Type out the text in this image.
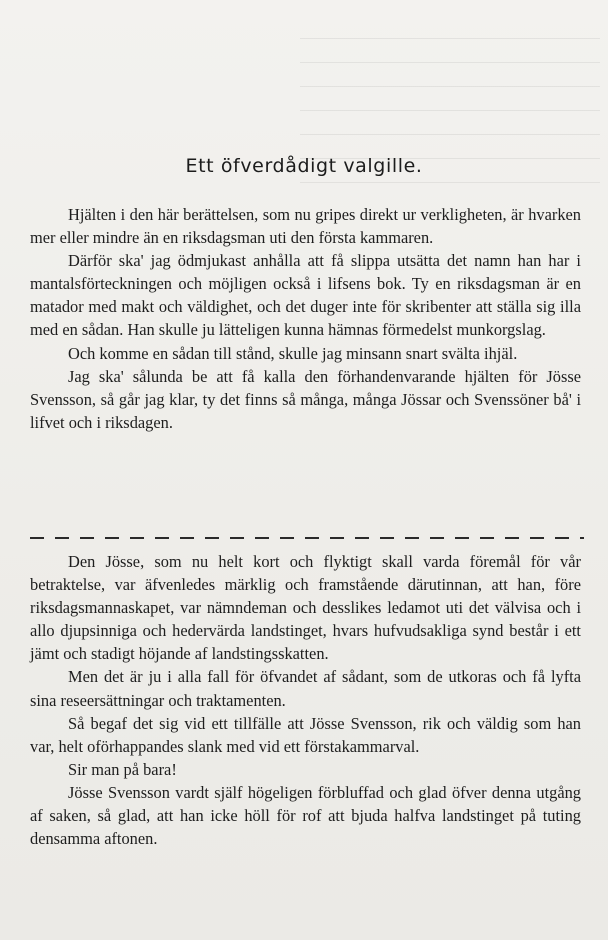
Ett öfverdådigt valgille.

Hjälten i den här berättelsen, som nu gripes direkt ur verkligheten, är hvarken mer eller mindre än en riksdagsman uti den första kammaren.

Därför ska' jag ödmjukast anhålla att få slippa utsätta det namn han har i mantalsförteckningen och möjligen också i lifsens bok. Ty en riksdagsman är en matador med makt och väldighet, och det duger inte för skribenter att ställa sig illa med en sådan. Han skulle ju lätteligen kunna hämnas förmedelst munkorgslag.

Och komme en sådan till stånd, skulle jag minsann snart svälta ihjäl.

Jag ska' sålunda be att få kalla den förhandenvarande hjälten för Jösse Svensson, så går jag klar, ty det finns så många, många Jössar och Svenssöner bå' i lifvet och i riksdagen.

Den Jösse, som nu helt kort och flyktigt skall varda föremål för vår betraktelse, var äfvenledes märklig och framstående därutinnan, att han, före riksdagsmannaskapet, var nämndeman och desslikes ledamot uti det välvisa och i allo djupsinniga och hedervärda landstinget, hvars hufvudsakliga synd består i ett jämt och stadigt höjande af landstingsskatten.

Men det är ju i alla fall för öfvandet af sådant, som de utkoras och få lyfta sina reseersättningar och traktamenten.

Så begaf det sig vid ett tillfälle att Jösse Svensson, rik och väldig som han var, helt oförhappandes slank med vid ett förstakammarval.

Sir man på bara!

Jösse Svensson vardt själf högeligen förbluffad och glad öfver denna utgång af saken, så glad, att han icke höll för rof att bjuda halfva landstinget på tuting densamma aftonen.
